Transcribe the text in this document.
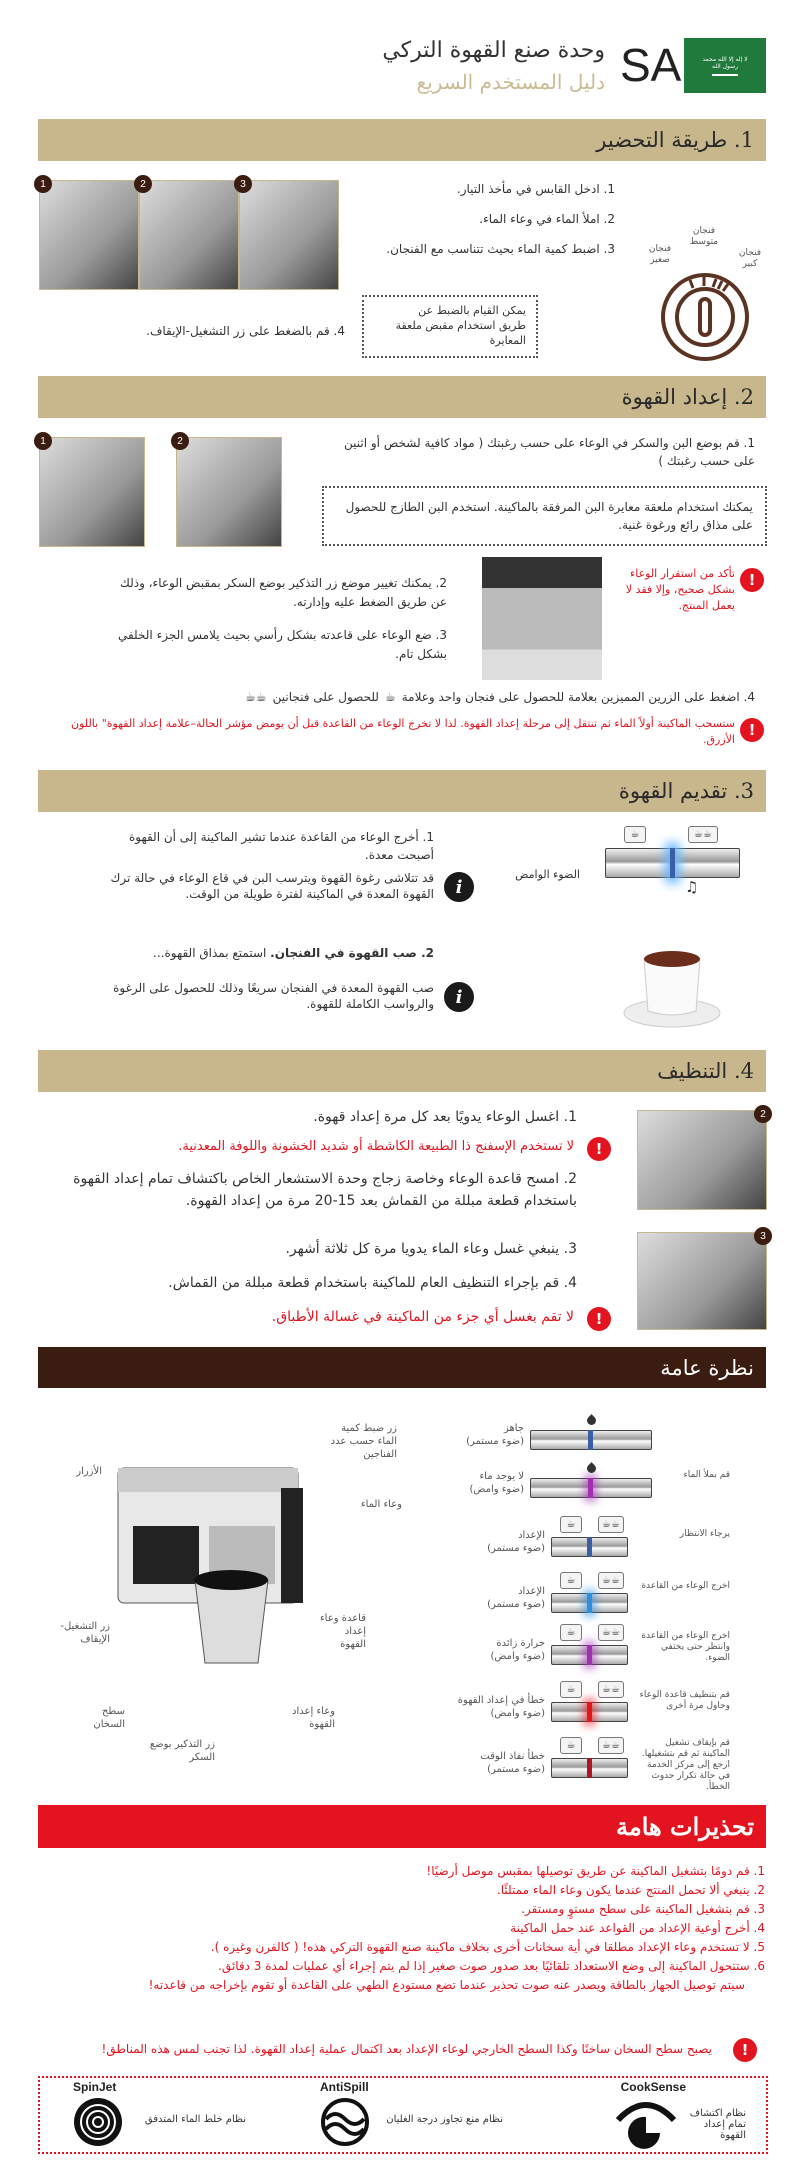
لا إله إلا الله محمد رسول الله
SA
وحدة صنع القهوة التركي
دليل المستخدم السريع
1. طريقة التحضير
1	2	3	1. ادخل القابس في مأخذ التيار.
2. املأ الماء في وعاء الماء.
3. اضبط كمية الماء بحيث تتناسب مع الفنجان.
يمكن القيام بالضبط عن طريق استخدام مقبض ملعقة المعايرة
4. قم بالضغط على زر التشغيل-الإيقاف.
فنجان صغير
فنجان متوسط
فنجان كبير
2. إعداد القهوة
1	2	1. قم بوضع البن والسكر في الوعاء على حسب رغبتك ( مواد كافية لشخص أو اثنين على حسب رغبتك )
يمكنك استخدام ملعقة معايرة البن المرفقة بالماكينة. استخدم البن الطازج للحصول على مذاق رائع ورغوة غنية.
!
تأكد من استقرار الوعاء بشكل صحيح، وإلا فقد لا يعمل المنتج.
2. يمكنك تغيير موضع زر التذكير بوضع السكر بمقبض الوعاء، وذلك عن طريق الضغط عليه وإدارته.
3. ضع الوعاء على قاعدته بشكل رأسي بحيث يلامس الجزء الخلفي بشكل تام.
4. اضغط على الزرين المميزين بعلامة للحصول على فنجان واحد وعلامة
☕
للحصول على فنجانين
☕☕
!
ستسحب الماكينة أولاً الماء ثم تنتقل إلى مرحلة إعداد القهوة. لذا لا تخرج الوعاء من القاعدة قبل أن يومض مؤشر الحالة–علامة إعداد القهوة" باللون الأزرق.
3. تقديم القهوة
☕	☕☕
♫
الضوء الوامض
1. أخرج الوعاء من القاعدة عندما تشير الماكينة إلى أن القهوة أصبحت معدة.
i
قد تتلاشى رغوة القهوة ويترسب البن في قاع الوعاء في حالة ترك القهوة المعدة في الماكينة لفترة طويلة من الوقت.
2. صب القهوة في الفنجان. استمتع بمذاق القهوة...
i
صب القهوة المعدة في الفنجان سريعًا وذلك للحصول على الرغوة والرواسب الكاملة للقهوة.
4. التنظيف
2
3
1. اغسل الوعاء يدويًا بعد كل مرة إعداد قهوة.
!
لا تستخدم الإسفنج ذا الطبيعة الكاشطة أو شديد الخشونة واللوفة المعدنية.
2. امسح قاعدة الوعاء وخاصة زجاج وحدة الاستشعار الخاص باكتشاف تمام إعداد القهوة باستخدام قطعة مبللة من القماش بعد 15-20 مرة من إعداد القهوة.
3. ينبغي غسل وعاء الماء يدويا مرة كل ثلاثة أشهر.
4. قم بإجراء التنظيف العام للماكينة باستخدام قطعة مبللة من القماش.
!
لا تقم بغسل أي جزء من الماكينة في غسالة الأطباق.
نظرة عامة
زر ضبط كمية الماء حسب عدد الفناجين
الأزرار
وعاء الماء
زر التشغيل-الإيقاف
قاعدة وعاء إعداد القهوة
سطح السخان
وعاء إعداد القهوة
زر التذكير بوضع السكر
جاهز
(ضوء مستمر)
لا يوجد ماء
(ضوء وامض)
قم بملأ الماء
الإعداد
(ضوء مستمر)
☕	☕☕
يرجاء الانتظار
الإعداد
(ضوء مستمر)
☕	☕☕	اخرج الوعاء من القاعدة
حرارة زائدة
(ضوء وامض)
☕	☕☕	اخرج الوعاء من القاعدة وانتظر حتى يختفي الضوء.
خطأ في إعداد القهوة
(ضوء وامض)
☕	☕☕	قم بتنظيف قاعدة الوعاء وحاول مرة أخرى
خطأ نفاذ الوقت
(ضوء مستمر)
☕	☕☕	قم بإيقاف تشغيل الماكينة ثم قم بتشغيلها. ارجع إلى مركز الخدمة في حالة تكرار حدوث الخطأ.
تحذيرات هامة
1. قم دومًا بتشغيل الماكينة عن طريق توصيلها بمقبس موصل أرضيًا!
2. ينبغي ألا تحمل المنتج عندما يكون وعاء الماء ممتلئًا.
3. قم بتشغيل الماكينة على سطح مستوٍ ومستقر.
4. أخرج أوعية الإعداد من القواعد عند حمل الماكينة
5. لا تستخدم وعاء الإعداد مطلقا في أية سخانات أخرى بخلاف ماكينة صنع القهوة التركي هذه! ( كالفرن وغيره ).
6. ستتحول الماكينة إلى وضع الاستعداد تلقائيًا بعد صدور صوت صغير إذا لم يتم إجراء أي عمليات لمدة 3 دقائق.
سيتم توصيل الجهاز بالطاقة ويصدر عنه صوت تحذير عندما تضع مستودع الطهي على القاعدة أو تقوم بإخراجه من قاعدته!
!
يصبح سطح السخان ساخنًا وكذا السطح الخارجي لوعاء الإعداد بعد اكتمال عملية إعداد القهوة. لذا تجنب لمس هذه المناطق!
CookSense
نظام اكتشاف تمام إعداد القهوة
AntiSpill
نظام منع تجاوز درجة الغليان
SpinJet
نظام خلط الماء المتدفق
